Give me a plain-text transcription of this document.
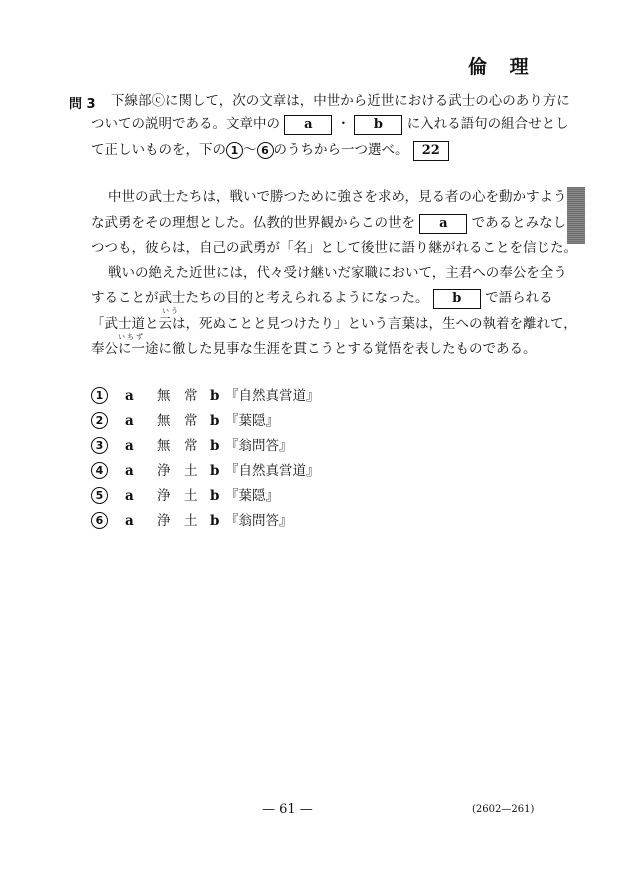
倫 理
問 3 下線部ⓒに関して，次の文章は，中世から近世における武士の心のあり方に
ついての説明である。文章中の a ・ b に入れる語句の組合せとし
て正しいものを，下の 1 ～ 6 のうちから一つ選べ。 22
中世の武士たちは，戦いで勝つために強さを求め，見る者の心を動かすよう
な武勇をその理想とした。仏教的世界観からこの世を a であるとみなし
つつも，彼らは，自己の武勇が「名」として後世に語り継がれることを信じた。
戦いの絶えた近世には，代々受け継いだ家職において，主君への奉公を全う
することが武士たちの目的と考えられるようになった。 b で語られる
いう
「武士道と云は，死ぬことと見つけたり」という言葉は，生への執着を離れて，
いちず
奉公に一途に徹した見事な生涯を貫こうとする覚悟を表したものである。
1	a 無　常 b 『自然真営道』
2	a 無　常 b 『葉隠』
3	a 無　常 b 『翁問答』
4	a 浄　土 b 『自然真営道』
5	a 浄　土 b 『葉隠』
6	a 浄　土 b 『翁問答』
— 61 —	(2602—261)
